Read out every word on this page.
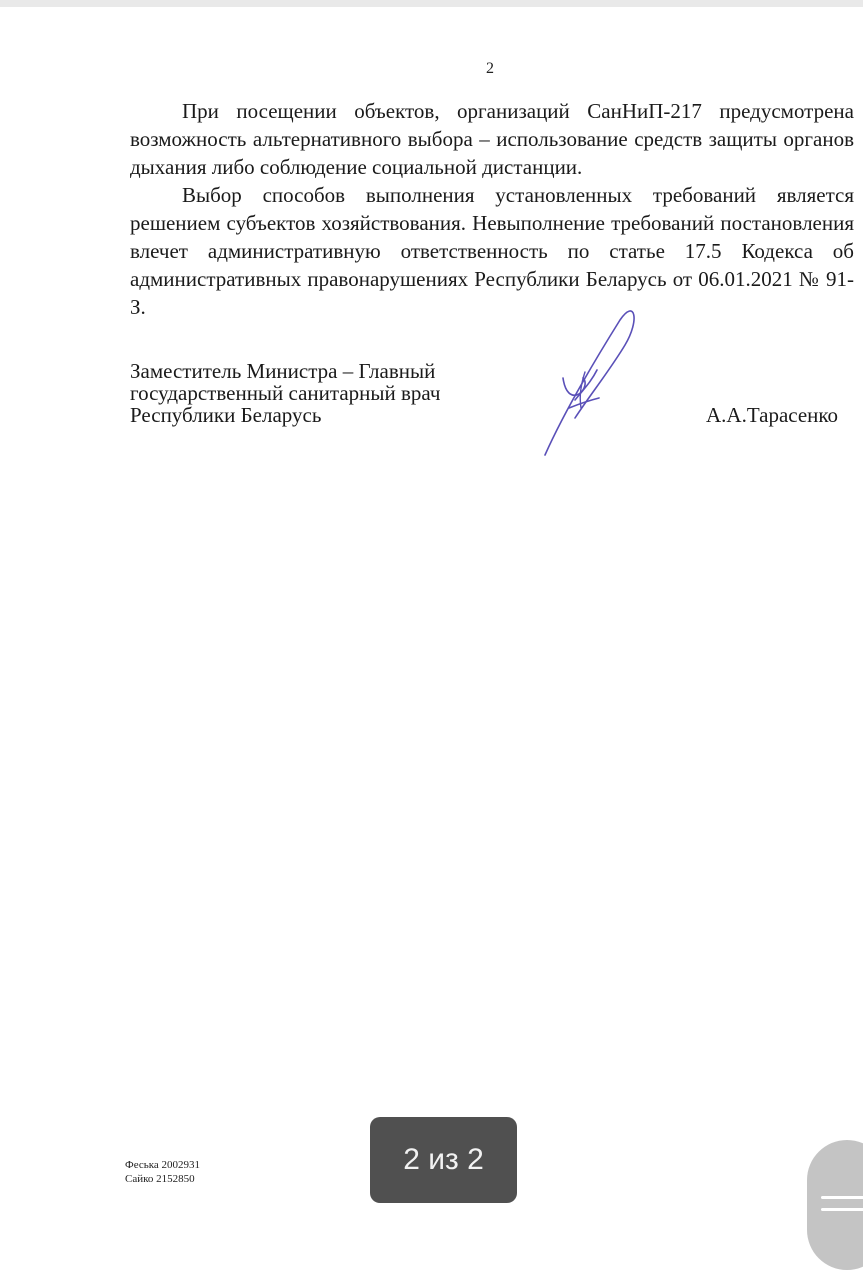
2

При посещении объектов, организаций СанНиП-217 предусмотрена возможность альтернативного выбора – использование средств защиты органов дыхания либо соблюдение социальной дистанции.

Выбор способов выполнения установленных требований является решением субъектов хозяйствования. Невыполнение требований постановления влечет административную ответственность по статье 17.5 Кодекса об административных правонарушениях Республики Беларусь от 06.01.2021 № 91-З.

Заместитель Министра – Главный
государственный санитарный врач
Республики Беларусь	А.А.Тарасенко
Феська 2002931
Сайко 2152850
2 из 2
